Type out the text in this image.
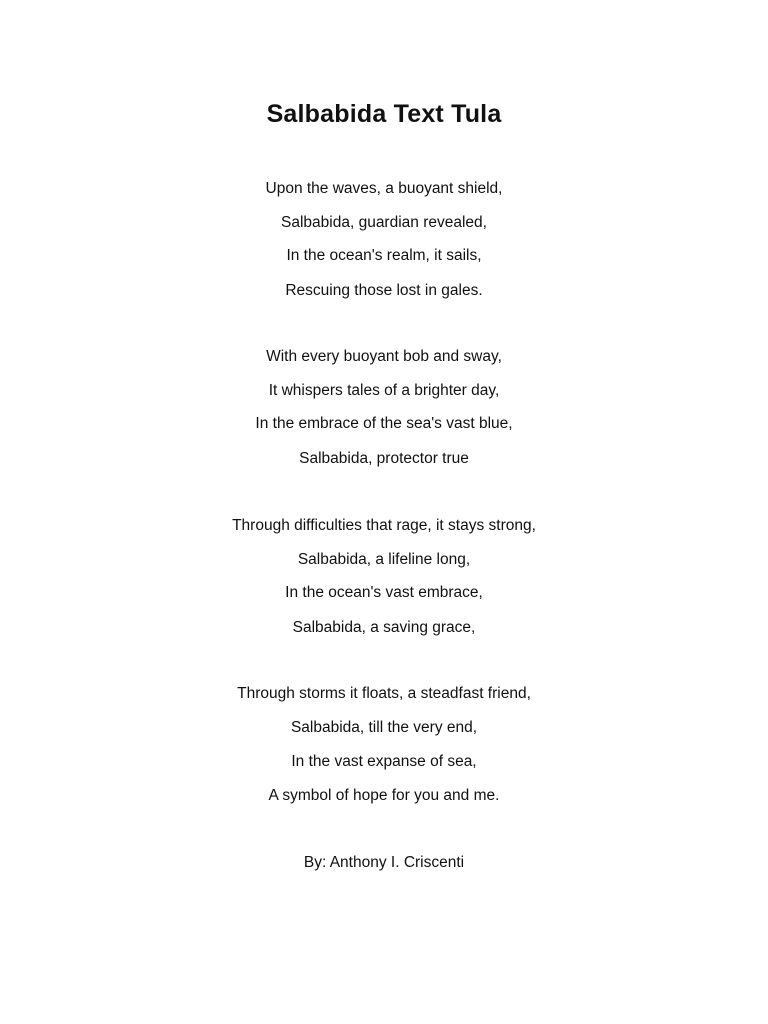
Salbabida Text Tula
Upon the waves, a buoyant shield,
Salbabida, guardian revealed,
In the ocean's realm, it sails,
Rescuing those lost in gales.
With every buoyant bob and sway,
It whispers tales of a brighter day,
In the embrace of the sea's vast blue,
Salbabida, protector true
Through difficulties that rage, it stays strong,
Salbabida, a lifeline long,
In the ocean's vast embrace,
Salbabida, a saving grace,
Through storms it floats, a steadfast friend,
Salbabida, till the very end,
In the vast expanse of sea,
A symbol of hope for you and me.
By: Anthony I. Criscenti
